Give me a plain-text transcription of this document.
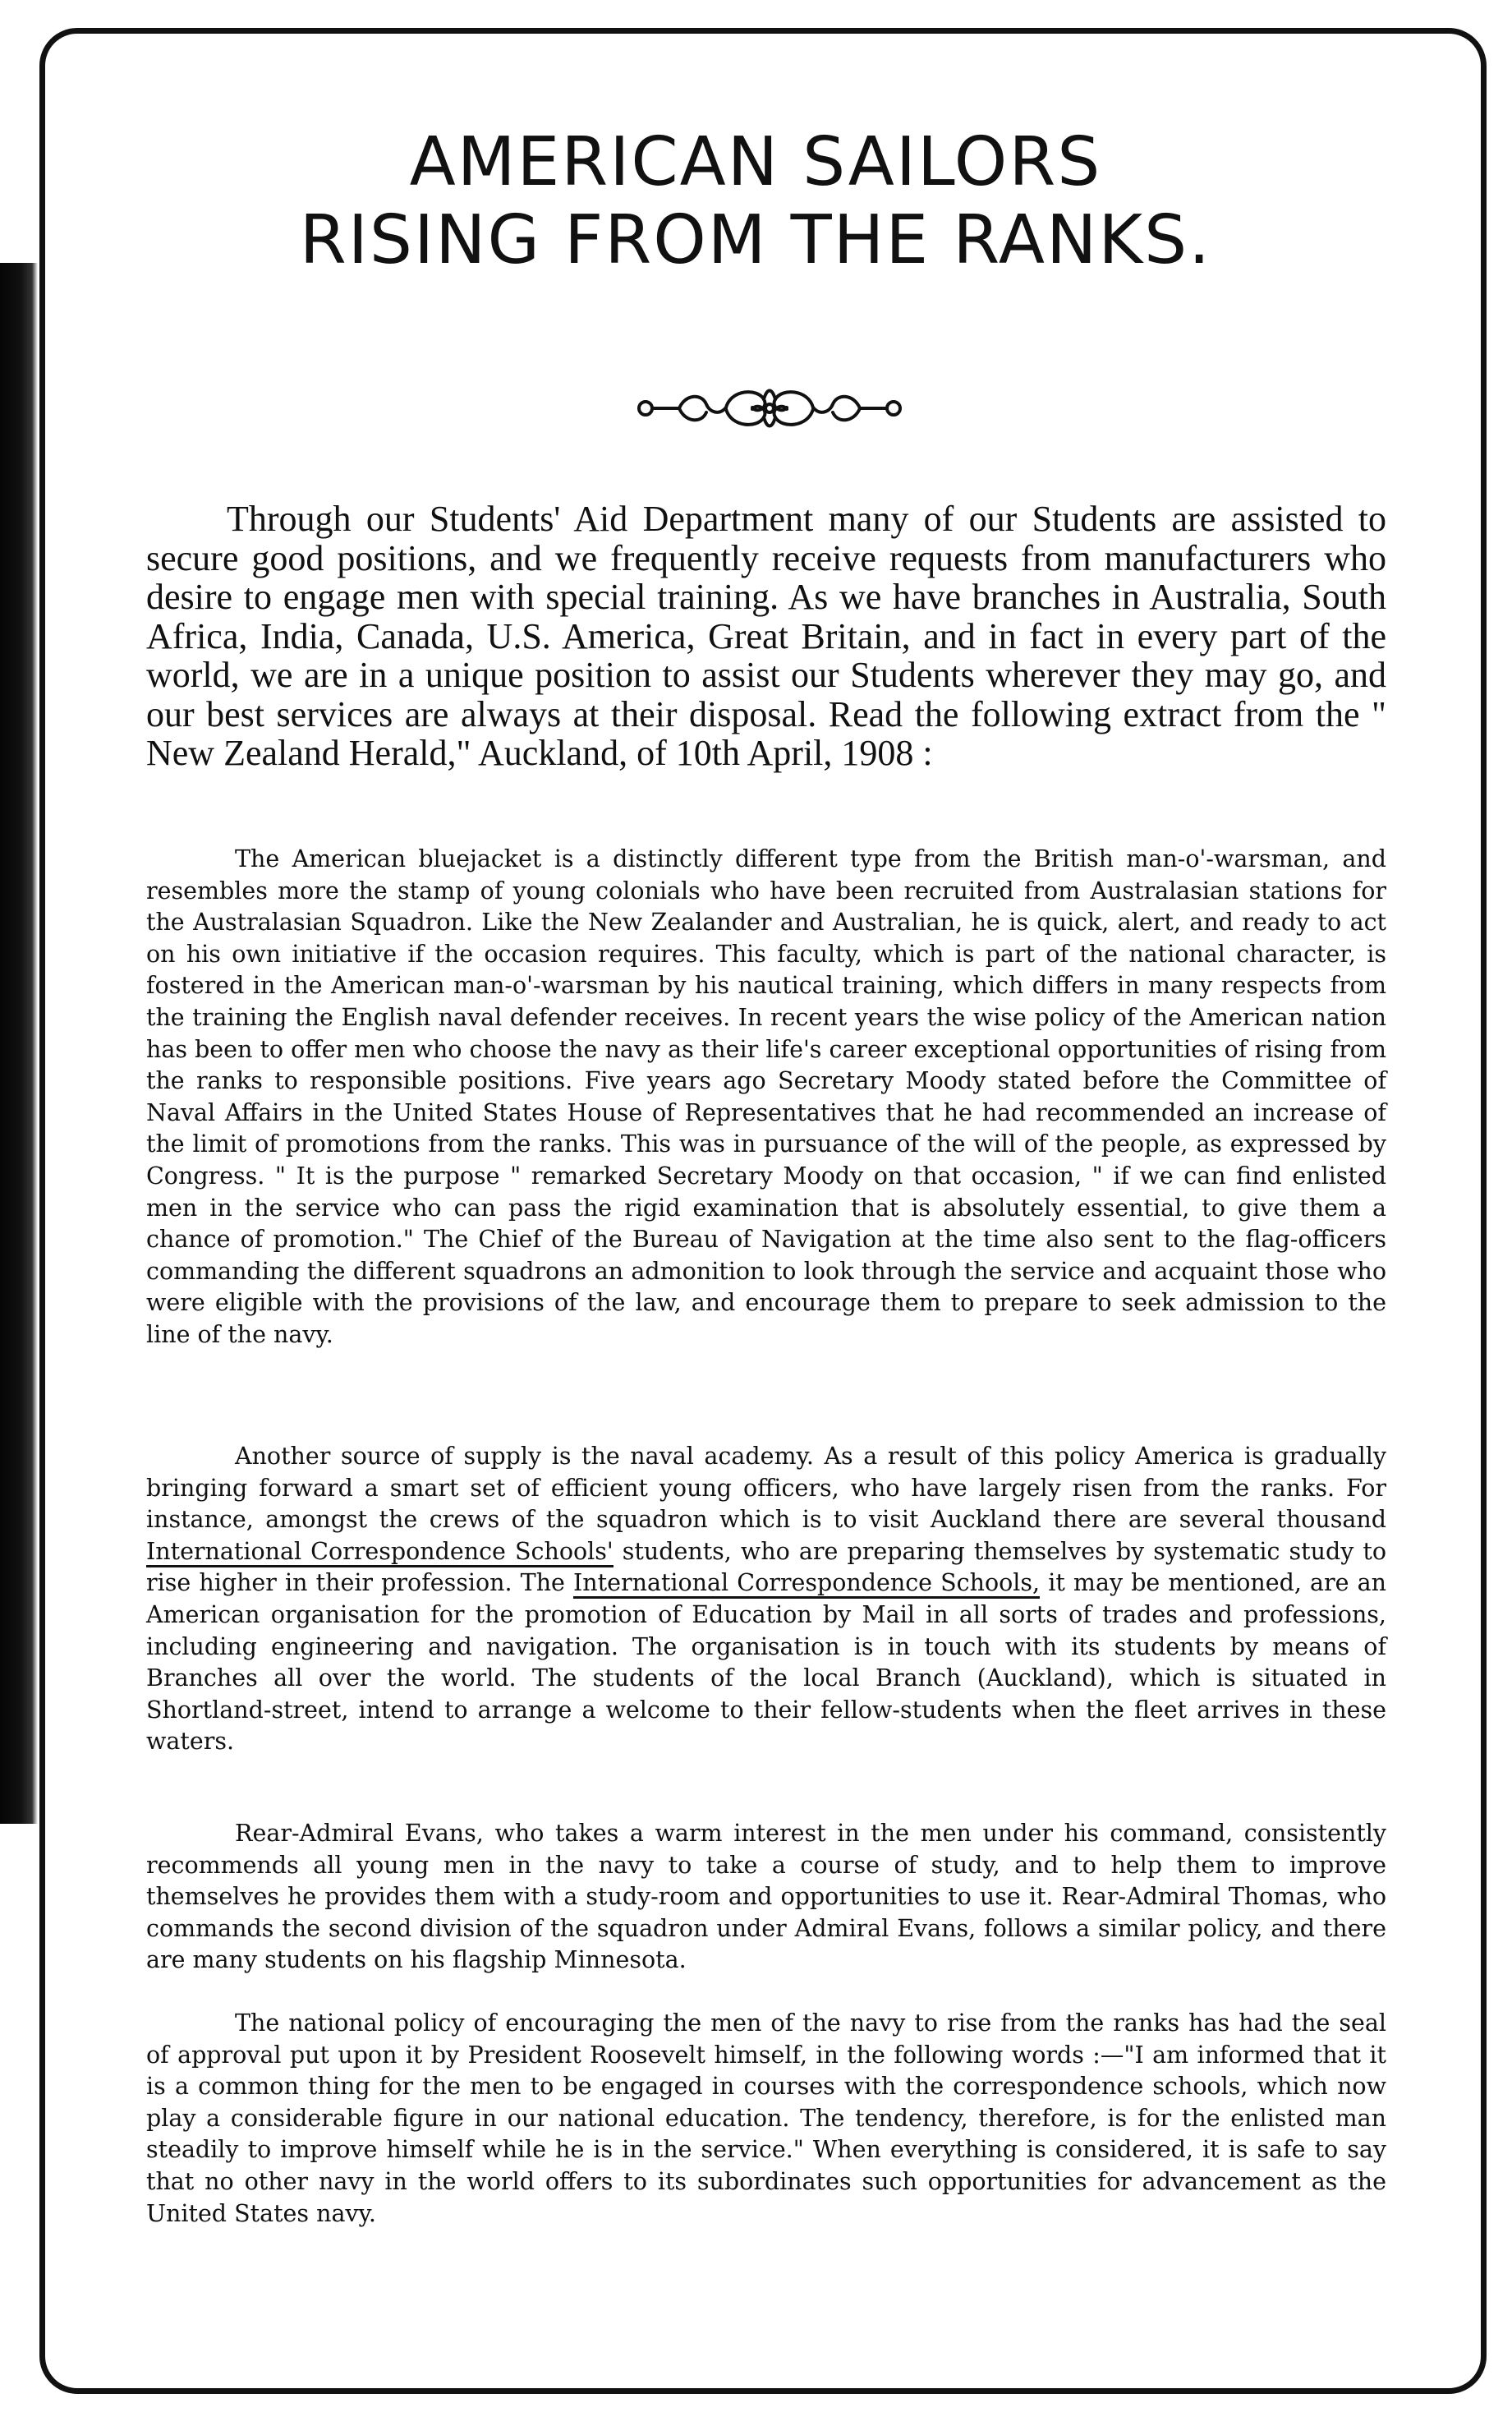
AMERICAN SAILORS
RISING FROM THE RANKS.

Through our Students' Aid Department many of our Students are assisted to secure good positions, and we frequently receive requests from manufacturers who desire to engage men with special training. As we have branches in Australia, South Africa, India, Canada, U.S. America, Great Britain, and in fact in every part of the world, we are in a unique position to assist our Students wherever they may go, and our best services are always at their disposal. Read the following extract from the " New Zealand Herald," Auckland, of 10th April, 1908 :

The American bluejacket is a distinctly different type from the British man-o'-warsman, and resembles more the stamp of young colonials who have been recruited from Australasian stations for the Australasian Squadron. Like the New Zealander and Australian, he is quick, alert, and ready to act on his own initiative if the occasion requires. This faculty, which is part of the national character, is fostered in the American man-o'-warsman by his nautical training, which differs in many respects from the training the English naval defender receives. In recent years the wise policy of the American nation has been to offer men who choose the navy as their life's career exceptional opportunities of rising from the ranks to responsible positions. Five years ago Secretary Moody stated before the Committee of Naval Affairs in the United States House of Representatives that he had recommended an increase of the limit of promotions from the ranks. This was in pursuance of the will of the people, as expressed by Congress. " It is the purpose " remarked Secretary Moody on that occasion, " if we can find enlisted men in the service who can pass the rigid examination that is absolutely essential, to give them a chance of promotion." The Chief of the Bureau of Navigation at the time also sent to the flag-officers commanding the different squadrons an admonition to look through the service and acquaint those who were eligible with the provisions of the law, and encourage them to prepare to seek admission to the line of the navy.

Another source of supply is the naval academy. As a result of this policy America is gradually bringing forward a smart set of efficient young officers, who have largely risen from the ranks. For instance, amongst the crews of the squadron which is to visit Auckland there are several thousand International Correspondence Schools' students, who are preparing themselves by systematic study to rise higher in their profession. The International Correspondence Schools, it may be mentioned, are an American organisation for the promotion of Education by Mail in all sorts of trades and professions, including engineering and navigation. The organisation is in touch with its students by means of Branches all over the world. The students of the local Branch (Auckland), which is situated in Shortland-street, intend to arrange a welcome to their fellow-students when the fleet arrives in these waters.

Rear-Admiral Evans, who takes a warm interest in the men under his command, consistently recommends all young men in the navy to take a course of study, and to help them to improve themselves he provides them with a study-room and opportunities to use it. Rear-Admiral Thomas, who commands the second division of the squadron under Admiral Evans, follows a similar policy, and there are many students on his flagship Minnesota.

The national policy of encouraging the men of the navy to rise from the ranks has had the seal of approval put upon it by President Roosevelt himself, in the following words :—"I am informed that it is a common thing for the men to be engaged in courses with the correspondence schools, which now play a considerable figure in our national education. The tendency, therefore, is for the enlisted man steadily to improve himself while he is in the service." When everything is considered, it is safe to say that no other navy in the world offers to its subordinates such opportunities for advancement as the United States navy.
